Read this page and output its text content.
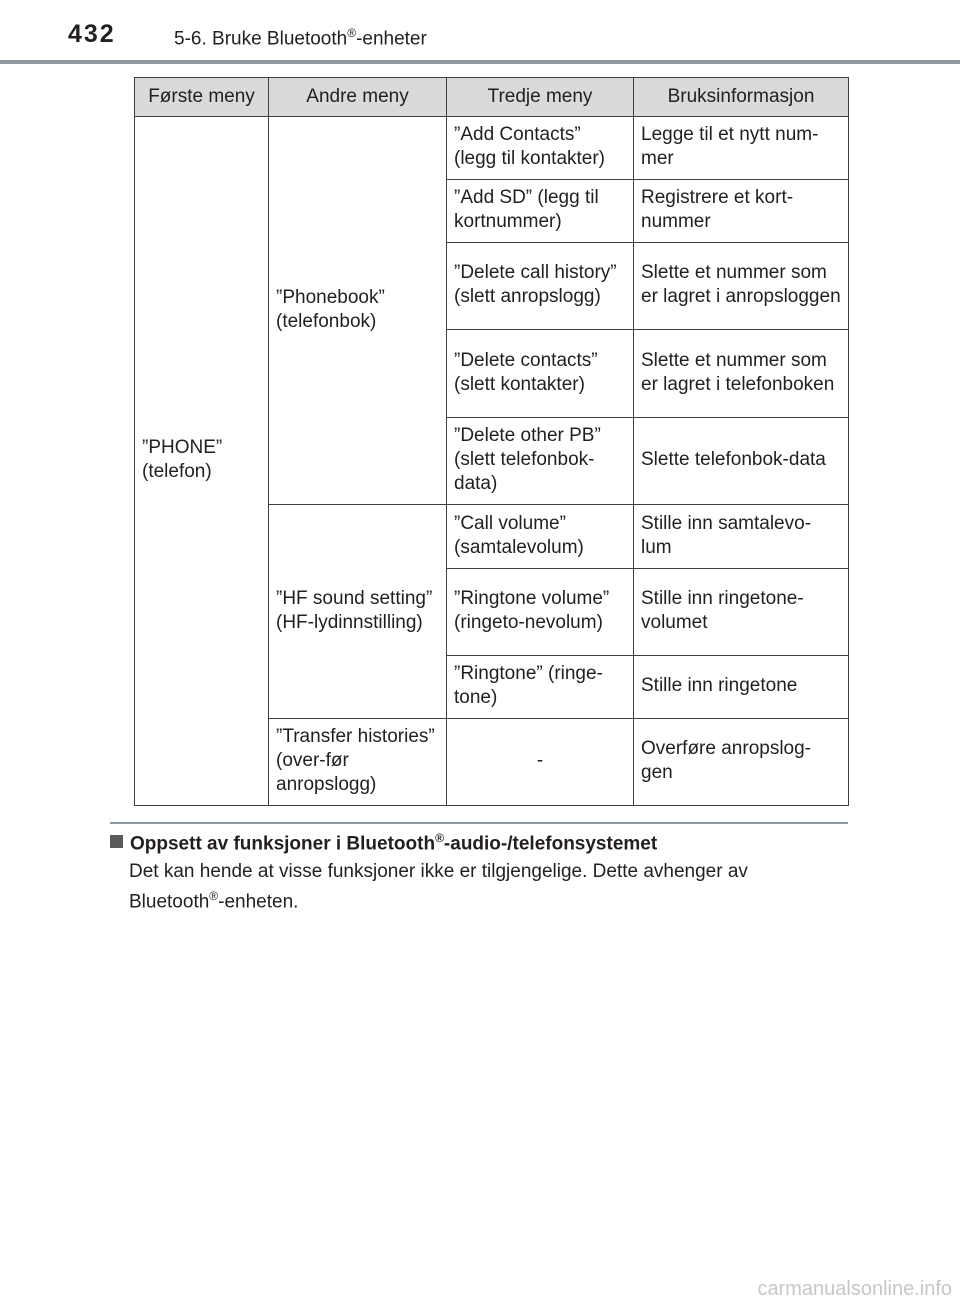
432	5-6. Bruke Bluetooth®-enheter
Første meny	Andre meny	Tredje meny	Bruksinformasjon
”PHONE” (telefon)	”Phonebook” (telefonbok)	”Add Contacts” (legg til kontakter)	Legge til et nytt num-mer
		”Add SD” (legg til kortnummer)	Registrere et kort-nummer
		”Delete call history” (slett anropslogg)	Slette et nummer som er lagret i anropsloggen
		”Delete contacts” (slett kontakter)	Slette et nummer som er lagret i telefonboken
		”Delete other PB” (slett telefonbok-data)	Slette telefonbok-data
	”HF sound setting” (HF-lydinnstilling)	”Call volume” (samtalevolum)	Stille inn samtalevo-lum
		”Ringtone volume” (ringeto-nevolum)	Stille inn ringetone-volumet
		”Ringtone” (ringe-tone)	Stille inn ringetone
	”Transfer histories” (over-før anropslogg)	-	Overføre anropslog-gen
Oppsett av funksjoner i Bluetooth®-audio-/telefonsystemet
Det kan hende at visse funksjoner ikke er tilgjengelige. Dette avhenger av
Bluetooth®-enheten.
carmanualsonline.info
